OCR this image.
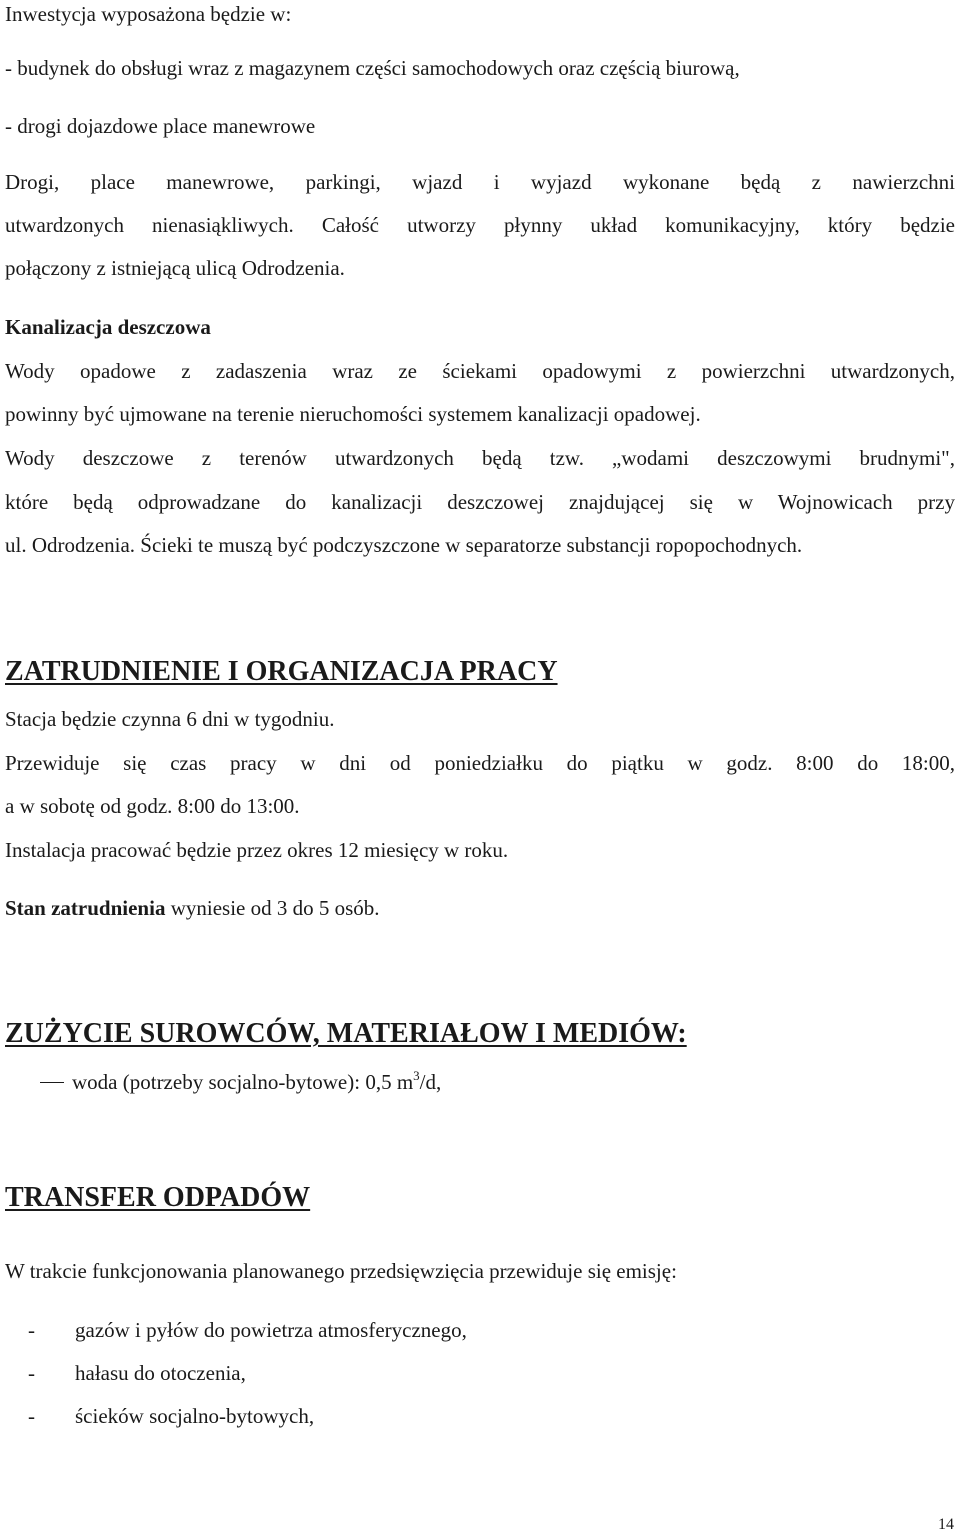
Inwestycja wyposażona będzie w:
- budynek do obsługi wraz z magazynem części samochodowych oraz częścią biurową,
- drogi dojazdowe place manewrowe
Drogi, place manewrowe, parkingi, wjazd i wyjazd wykonane będą z nawierzchni
utwardzonych nienasiąkliwych. Całość utworzy płynny układ komunikacyjny, który będzie
połączony z istniejącą ulicą Odrodzenia.
Kanalizacja deszczowa
Wody opadowe z zadaszenia wraz ze ściekami opadowymi z powierzchni utwardzonych,
powinny być ujmowane na terenie nieruchomości systemem kanalizacji opadowej.
Wody deszczowe z terenów utwardzonych będą tzw. „wodami deszczowymi brudnymi",
które będą odprowadzane do kanalizacji deszczowej znajdującej się w Wojnowicach przy
ul. Odrodzenia. Ścieki te muszą być podczyszczone w separatorze substancji ropopochodnych.
ZATRUDNIENIE I ORGANIZACJA PRACY
Stacja będzie czynna 6 dni w tygodniu.
Przewiduje się czas pracy w dni od poniedziałku do piątku w godz. 8:00 do 18:00,
a w sobotę od godz. 8:00 do 13:00.
Instalacja pracować będzie przez okres 12 miesięcy w roku.
Stan zatrudnienia wyniesie od 3 do 5 osób.
ZUŻYCIE SUROWCÓW, MATERIAŁOW I MEDIÓW:
woda (potrzeby socjalno-bytowe): 0,5 $m^3/d$,
TRANSFER ODPADÓW
W trakcie funkcjonowania planowanego przedsięwzięcia przewiduje się emisję:
- gazów i pyłów do powietrza atmosferycznego,
- hałasu do otoczenia,
- ścieków socjalno-bytowych,
14
